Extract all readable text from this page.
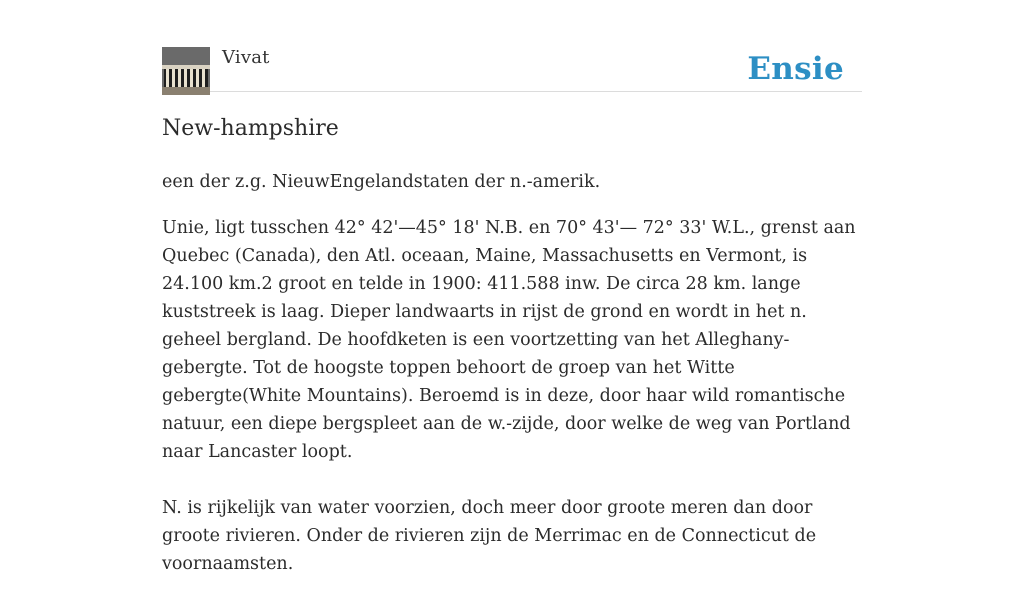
Vivat	Ensie
New-hampshire

een der z.g. NieuwEngelandstaten der n.-amerik.

Unie, ligt tusschen 42° 42'—45° 18' N.B. en 70° 43'— 72° 33' W.L., grenst aan Quebec (Canada), den Atl. oceaan, Maine, Massachusetts en Vermont, is 24.100 km.2 groot en telde in 1900: 411.588 inw. De circa 28 km. lange kuststreek is laag. Dieper landwaarts in rijst de grond en wordt in het n. geheel bergland. De hoofdketen is een voortzetting van het Alleghany-gebergte. Tot de hoogste toppen behoort de groep van het Witte gebergte(White Mountains). Beroemd is in deze, door haar wild romantische natuur, een diepe bergspleet aan de w.-zijde, door welke de weg van Portland naar Lancaster loopt.

N. is rijkelijk van water voorzien, doch meer door groote meren dan door groote rivieren. Onder de rivieren zijn de Merrimac en de Connecticut de voornaamsten.
